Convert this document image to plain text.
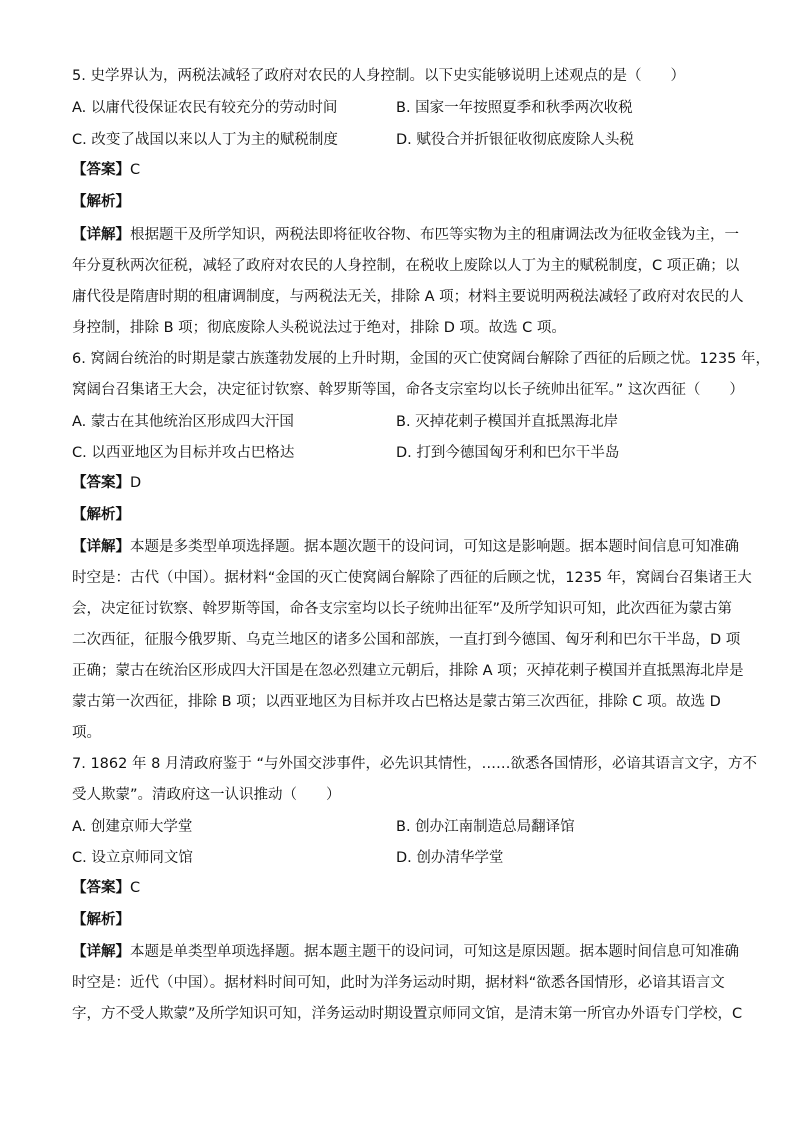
5. 史学界认为，两税法减轻了政府对农民的人身控制。以下史实能够说明上述观点的是（　　）
A. 以庸代役保证农民有较充分的劳动时间	B. 国家一年按照夏季和秋季两次收税
C. 改变了战国以来以人丁为主的赋税制度	D. 赋役合并折银征收彻底废除人头税
【答案】C
【解析】
【详解】根据题干及所学知识，两税法即将征收谷物、布匹等实物为主的租庸调法改为征收金钱为主，一
年分夏秋两次征税，减轻了政府对农民的人身控制，在税收上废除以人丁为主的赋税制度，C 项正确；以
庸代役是隋唐时期的租庸调制度，与两税法无关，排除 A 项；材料主要说明两税法减轻了政府对农民的人
身控制，排除 B 项；彻底废除人头税说法过于绝对，排除 D 项。故选 C 项。
6. 窝阔台统治的时期是蒙古族蓬勃发展的上升时期，金国的灭亡使窝阔台解除了西征的后顾之忧。1235 年，
窝阔台召集诸王大会，决定征讨钦察、斡罗斯等国，命各支宗室均以长子统帅出征军。” 这次西征（　　）
A. 蒙古在其他统治区形成四大汗国	B. 灭掉花剌子模国并直抵黑海北岸
C. 以西亚地区为目标并攻占巴格达	D. 打到今德国匈牙利和巴尔干半岛
【答案】D
【解析】
【详解】本题是多类型单项选择题。据本题次题干的设问词，可知这是影响题。据本题时间信息可知准确
时空是：古代（中国）。据材料“金国的灭亡使窝阔台解除了西征的后顾之忧，1235 年，窝阔台召集诸王大
会，决定征讨钦察、斡罗斯等国，命各支宗室均以长子统帅出征军”及所学知识可知，此次西征为蒙古第
二次西征，征服今俄罗斯、乌克兰地区的诸多公国和部族，一直打到今德国、匈牙利和巴尔干半岛，D 项
正确；蒙古在统治区形成四大汗国是在忽必烈建立元朝后，排除 A 项；灭掉花剌子模国并直抵黑海北岸是
蒙古第一次西征，排除 B 项；以西亚地区为目标并攻占巴格达是蒙古第三次西征，排除 C 项。故选 D
项。
7. 1862 年 8 月清政府鉴于 “与外国交涉事件，必先识其情性，……欲悉各国情形，必谙其语言文字，方不
受人欺蒙”。清政府这一认识推动（　　）
A. 创建京师大学堂	B. 创办江南制造总局翻译馆
C. 设立京师同文馆	D. 创办清华学堂
【答案】C
【解析】
【详解】本题是单类型单项选择题。据本题主题干的设问词，可知这是原因题。据本题时间信息可知准确
时空是：近代（中国）。据材料时间可知，此时为洋务运动时期，据材料“欲悉各国情形，必谙其语言文
字，方不受人欺蒙”及所学知识可知，洋务运动时期设置京师同文馆，是清末第一所官办外语专门学校，C
